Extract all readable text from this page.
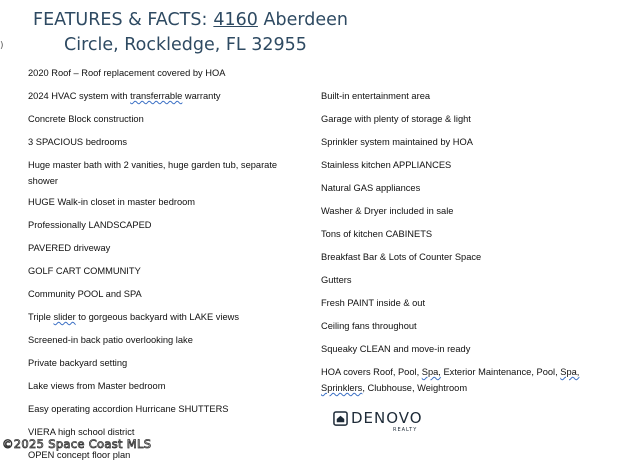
)
FEATURES & FACTS: 4160 Aberdeen
Circle, Rockledge, FL 32955
2020 Roof – Roof replacement covered by HOA
2024 HVAC system with transferrable warranty
Concrete Block construction
3 SPACIOUS bedrooms
Huge master bath with 2 vanities, huge garden tub, separate shower
HUGE Walk-in closet in master bedroom
Professionally LANDSCAPED
PAVERED driveway
GOLF CART COMMUNITY
Community POOL and SPA
Triple slider to gorgeous backyard with LAKE views
Screened-in back patio overlooking lake
Private backyard setting
Lake views from Master bedroom
Easy operating accordion Hurricane SHUTTERS
VIERA high school district
OPEN concept floor plan
Built-in entertainment area
Garage with plenty of storage & light
Sprinkler system maintained by HOA
Stainless kitchen APPLIANCES
Natural GAS appliances
Washer & Dryer included in sale
Tons of kitchen CABINETS
Breakfast Bar & Lots of Counter Space
Gutters
Fresh PAINT inside & out
Ceiling fans throughout
Squeaky CLEAN and move-in ready
HOA covers Roof, Pool, Spa, Exterior Maintenance, Pool, Spa, Sprinklers, Clubhouse, Weightroom
DENOVO
REALTY
©2025 Space Coast MLS
